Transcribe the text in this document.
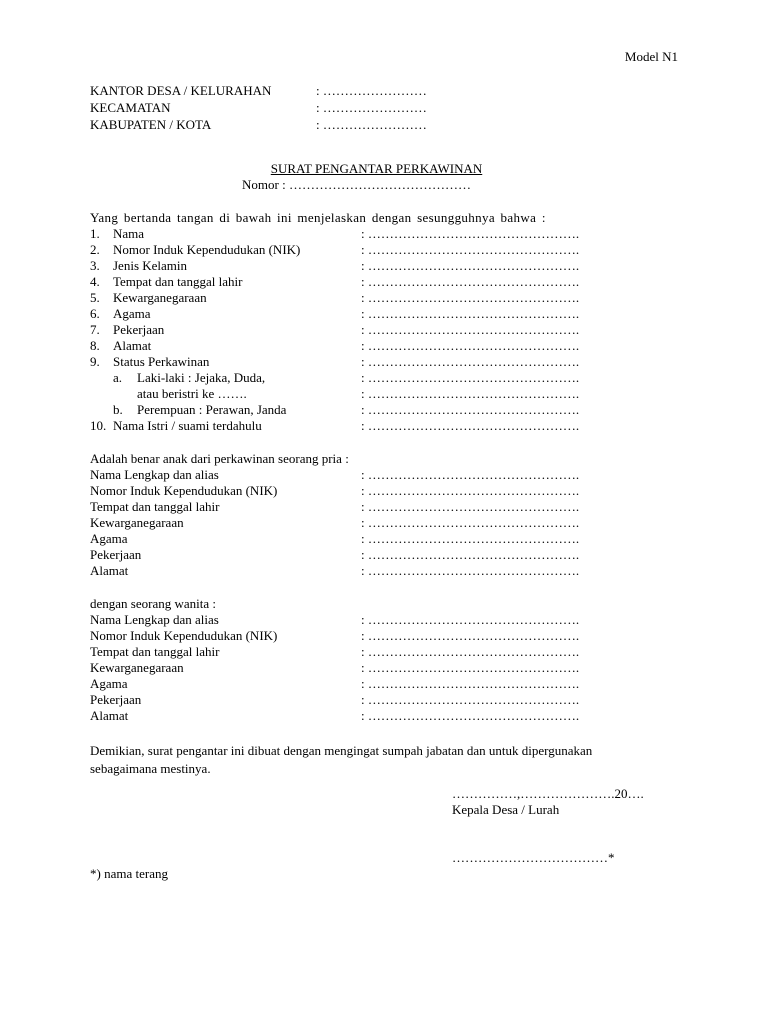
Model N1
KANTOR DESA / KELURAHAN	: ……………………
KECAMATAN	: ……………………
KABUPATEN / KOTA	: ……………………
SURAT PENGANTAR PERKAWINAN
Nomor : ……………………………………
Yang bertanda tangan di bawah ini menjelaskan dengan sesungguhnya bahwa :
1.	Nama	: ………………………………………….
2.	Nomor Induk Kependudukan (NIK)	: ………………………………………….
3.	Jenis Kelamin	: ………………………………………….
4.	Tempat dan tanggal lahir	: ………………………………………….
5.	Kewarganegaraan	: ………………………………………….
6.	Agama	: ………………………………………….
7.	Pekerjaan	: ………………………………………….
8.	Alamat	: ………………………………………….
9.	Status Perkawinan	: ………………………………………….
a.	Laki-laki : Jejaka, Duda,	: ………………………………………….
atau beristri ke …….	: ………………………………………….
b.	Perempuan : Perawan, Janda	: ………………………………………….
10. Nama Istri / suami terdahulu	: ………………………………………….
Adalah benar anak dari perkawinan seorang pria :
Nama Lengkap dan alias	: ………………………………………….
Nomor Induk Kependudukan (NIK)	: ………………………………………….
Tempat dan tanggal lahir	: ………………………………………….
Kewarganegaraan	: ………………………………………….
Agama	: ………………………………………….
Pekerjaan	: ………………………………………….
Alamat	: ………………………………………….
dengan seorang wanita :
Nama Lengkap dan alias	: ………………………………………….
Nomor Induk Kependudukan (NIK)	: ………………………………………….
Tempat dan tanggal lahir	: ………………………………………….
Kewarganegaraan	: ………………………………………….
Agama	: ………………………………………….
Pekerjaan	: ………………………………………….
Alamat	: ………………………………………….
Demikian, surat pengantar ini dibuat dengan mengingat sumpah jabatan dan untuk dipergunakan
sebagaimana mestinya.
……………,………………….20….
Kepala Desa / Lurah
………………………………*
*) nama terang
